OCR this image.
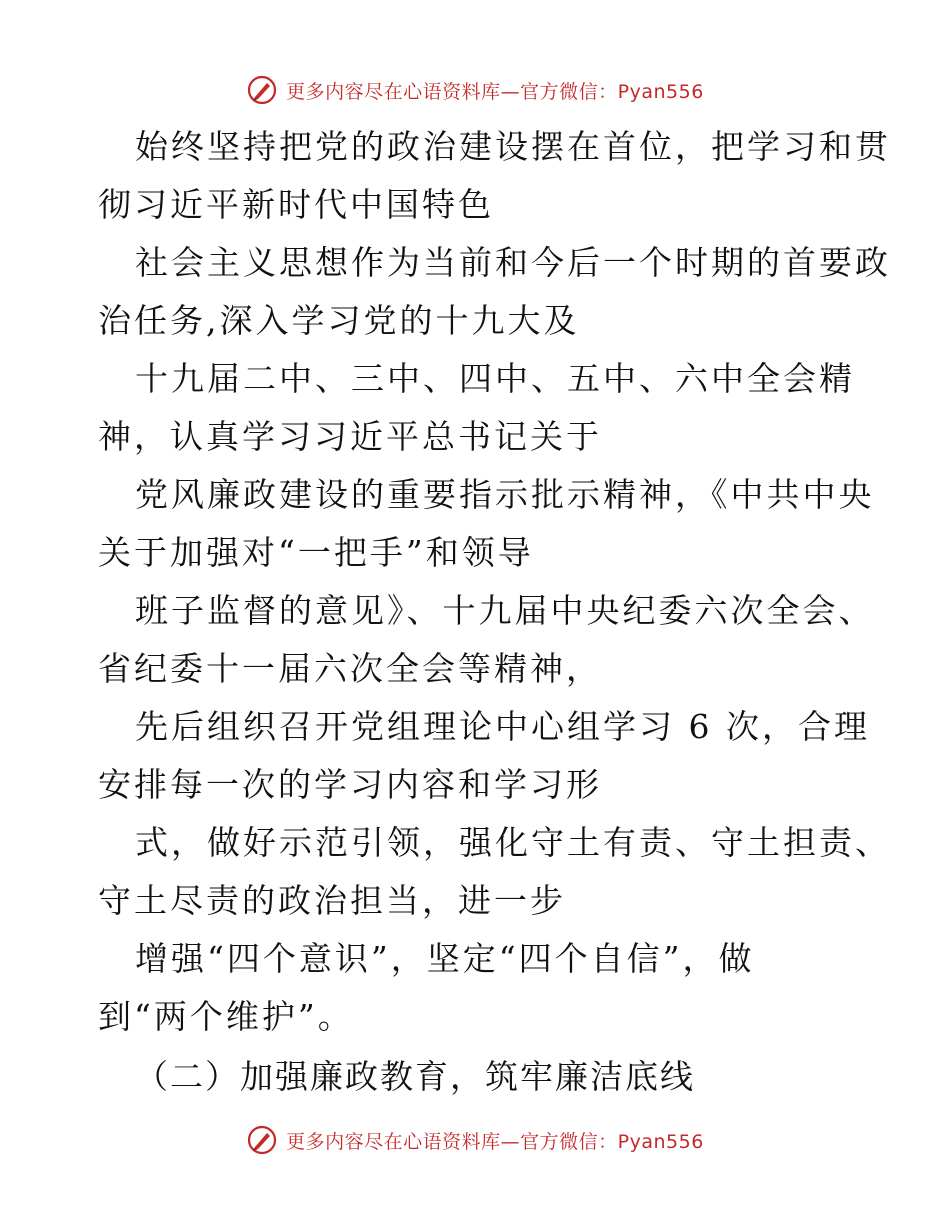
更多内容尽在心语资料库—官方微信：Pyan556
始终坚持把党的政治建设摆在首位，把学习和贯
彻习近平新时代中国特色
社会主义思想作为当前和今后一个时期的首要政
治任务,深入学习党的十九大及
十九届二中、三中、四中、五中、六中全会精
神，认真学习习近平总书记关于
党风廉政建设的重要指示批示精神，《中共中央
关于加强对“一把手”和领导
班子监督的意见》、十九届中央纪委六次全会、
省纪委十一届六次全会等精神，
先后组织召开党组理论中心组学习 6 次，合理
安排每一次的学习内容和学习形
式，做好示范引领，强化守土有责、守土担责、
守土尽责的政治担当，进一步
增强“四个意识”，坚定“四个自信”，做
到“两个维护”。
（二）加强廉政教育，筑牢廉洁底线
更多内容尽在心语资料库—官方微信：Pyan556
